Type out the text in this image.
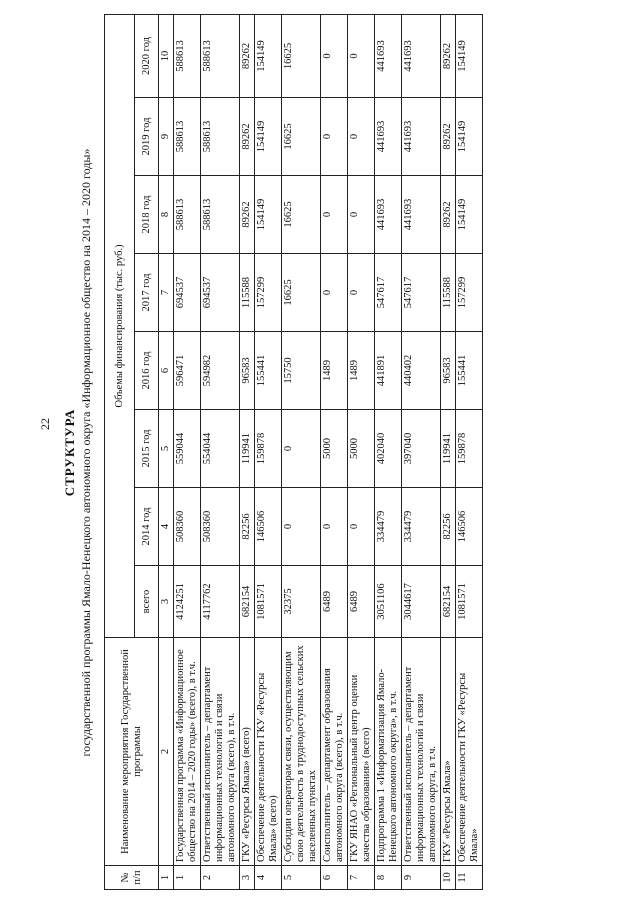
22 СТРУКТУРА государственной программы Ямало-Ненецкого автономного округа «Информационное общество на 2014 – 2020 годы»
№ п/п	Наименование мероприятия Государственной программы	Объемы финансирования (тыс. руб.)							
		всего	2014 год	2015 год	2016 год	2017 год	2018 год	2019 год	2020 год
1	2	3	4	5	6	7	8	9	10
1	Государственная программа «Информационное общество на 2014 – 2020 годы» (всего), в т.ч.	4124251	508360	559044	596471	694537	588613	588613	588613
2	Ответственный исполнитель – департамент информационных технологий и связи автономного округа (всего), в т.ч.	4117762	508360	554044	594982	694537	588613	588613	588613
3	ГКУ «Ресурсы Ямала» (всего)	682154	82256	119941	96583	115588	89262	89262	89262
4	Обеспечение деятельности ГКУ «Ресурсы Ямала» (всего)	1081571	146506	159878	155441	157299	154149	154149	154149
5	Субсидии операторам связи, осуществляющим свою деятельность в труднодоступных сельских населенных пунктах	32375	0	0	15750	16625	16625	16625	16625
6	Соисполнитель – департамент образования автономного округа (всего), в т.ч.	6489	0	5000	1489	0	0	0	0
7	ГКУ ЯНАО «Региональный центр оценки качества образования» (всего)	6489	0	5000	1489	0	0	0	0
8	Подпрограмма 1 «Информатизация Ямало-Ненецкого автономного округа», в т.ч.	3051106	334479	402040	441891	547617	441693	441693	441693
9	Ответственный исполнитель – департамент информационных технологий и связи автономного округа, в т.ч.	3044617	334479	397040	440402	547617	441693	441693	441693
10	ГКУ «Ресурсы Ямала»	682154	82256	119941	96583	115588	89262	89262	89262
11	Обеспечение деятельности ГКУ «Ресурсы Ямала»	1081571	146506	159878	155441	157299	154149	154149	154149
